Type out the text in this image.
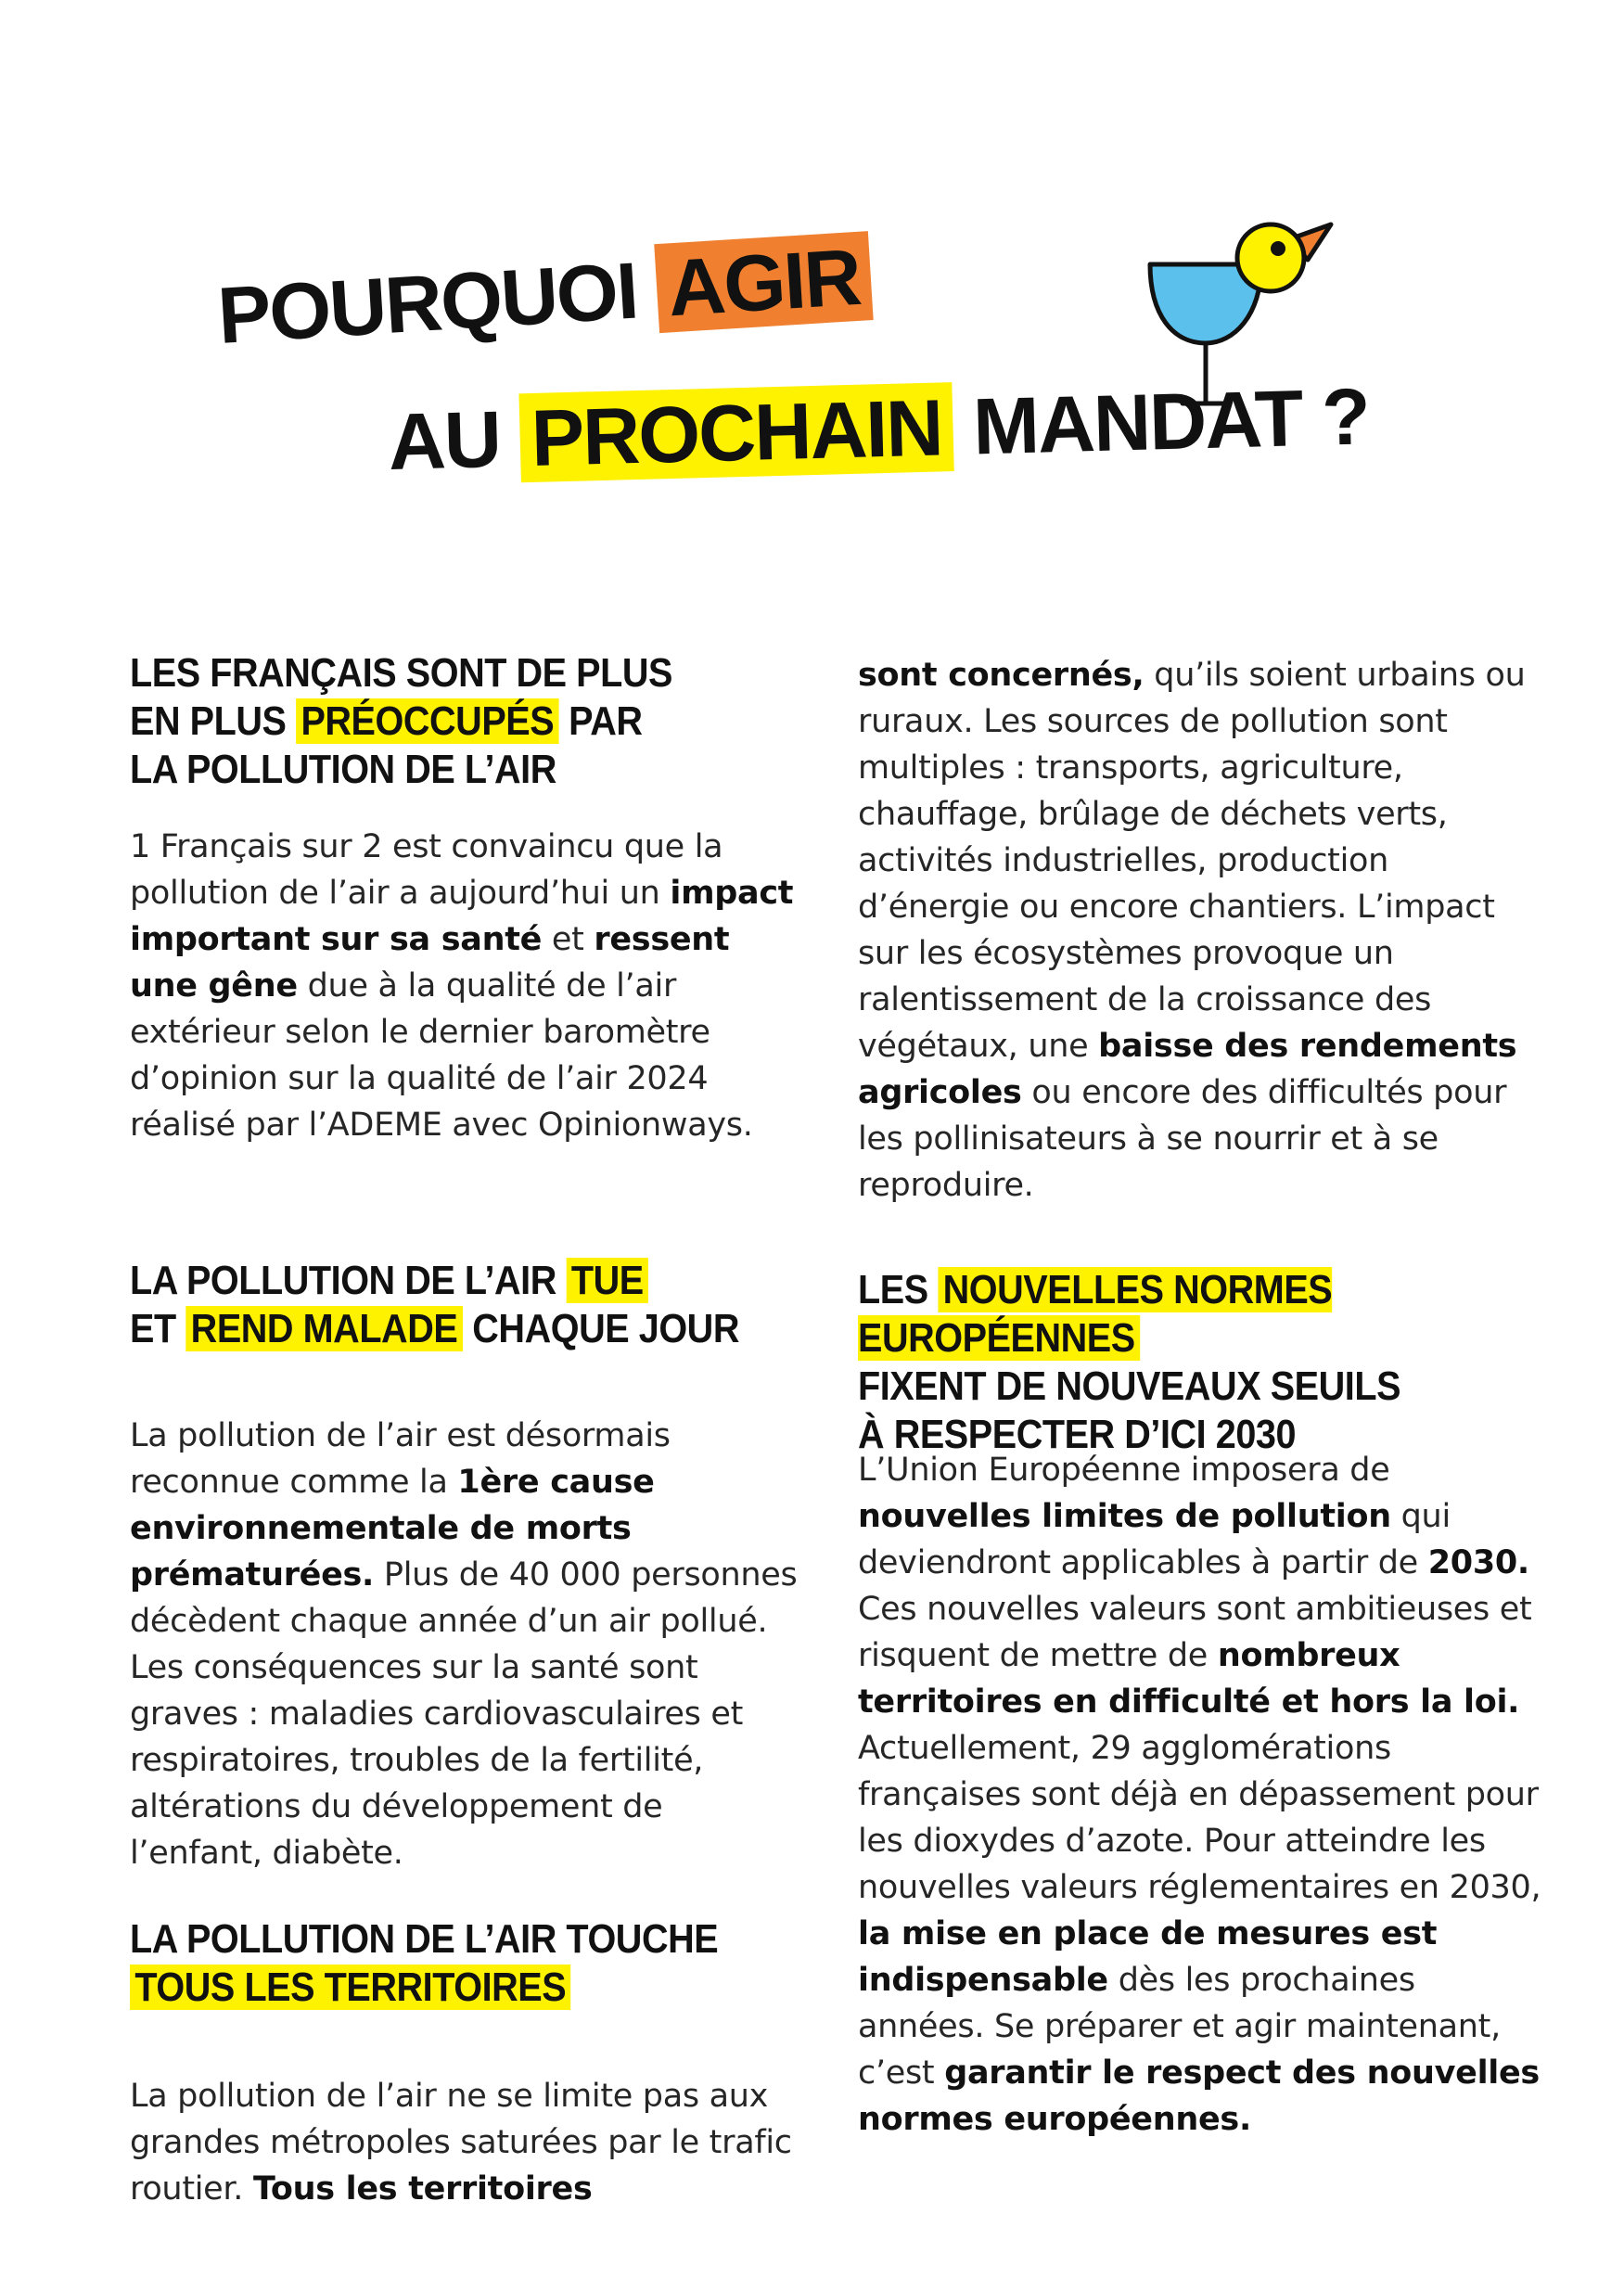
POURQUOI AGIR
AU PROCHAIN MANDAT ?
LES FRANÇAIS SONT DE PLUS
EN PLUS PRÉOCCUPÉS PAR
LA POLLUTION DE L’AIR

1 Français sur 2 est convaincu que la pollution de l’air a aujourd’hui un impact important sur sa santé et ressent une gêne due à la qualité de l’air extérieur selon le dernier baromètre d’opinion sur la qualité de l’air 2024 réalisé par l’ADEME avec Opinionways.

LA POLLUTION DE L’AIR TUE
ET REND MALADE CHAQUE JOUR

La pollution de l’air est désormais reconnue comme la 1ère cause environnementale de morts prématurées. Plus de 40 000 personnes décèdent chaque année d’un air pollué. Les conséquences sur la santé sont graves : maladies cardiovasculaires et respiratoires, troubles de la fertilité, altérations du développement de l’enfant, diabète.

LA POLLUTION DE L’AIR TOUCHE
TOUS LES TERRITOIRES

La pollution de l’air ne se limite pas aux grandes métropoles saturées par le trafic routier. Tous les territoires

sont concernés, qu’ils soient urbains ou ruraux. Les sources de pollution sont multiples : transports, agriculture, chauffage, brûlage de déchets verts, activités industrielles, production d’énergie ou encore chantiers. L’impact sur les écosystèmes provoque un ralentissement de la croissance des végétaux, une baisse des rendements agricoles ou encore des difficultés pour les pollinisateurs à se nourrir et à se reproduire.

LES NOUVELLES NORMES EUROPÉENNES
FIXENT DE NOUVEAUX SEUILS
À RESPECTER D’ICI 2030

L’Union Européenne imposera de nouvelles limites de pollution qui deviendront applicables à partir de 2030. Ces nouvelles valeurs sont ambitieuses et risquent de mettre de nombreux territoires en difficulté et hors la loi. Actuellement, 29 agglomérations françaises sont déjà en dépassement pour les dioxydes d’azote. Pour atteindre les nouvelles valeurs réglementaires en 2030, la mise en place de mesures est indispensable dès les prochaines années. Se préparer et agir maintenant, c’est garantir le respect des nouvelles normes européennes.
